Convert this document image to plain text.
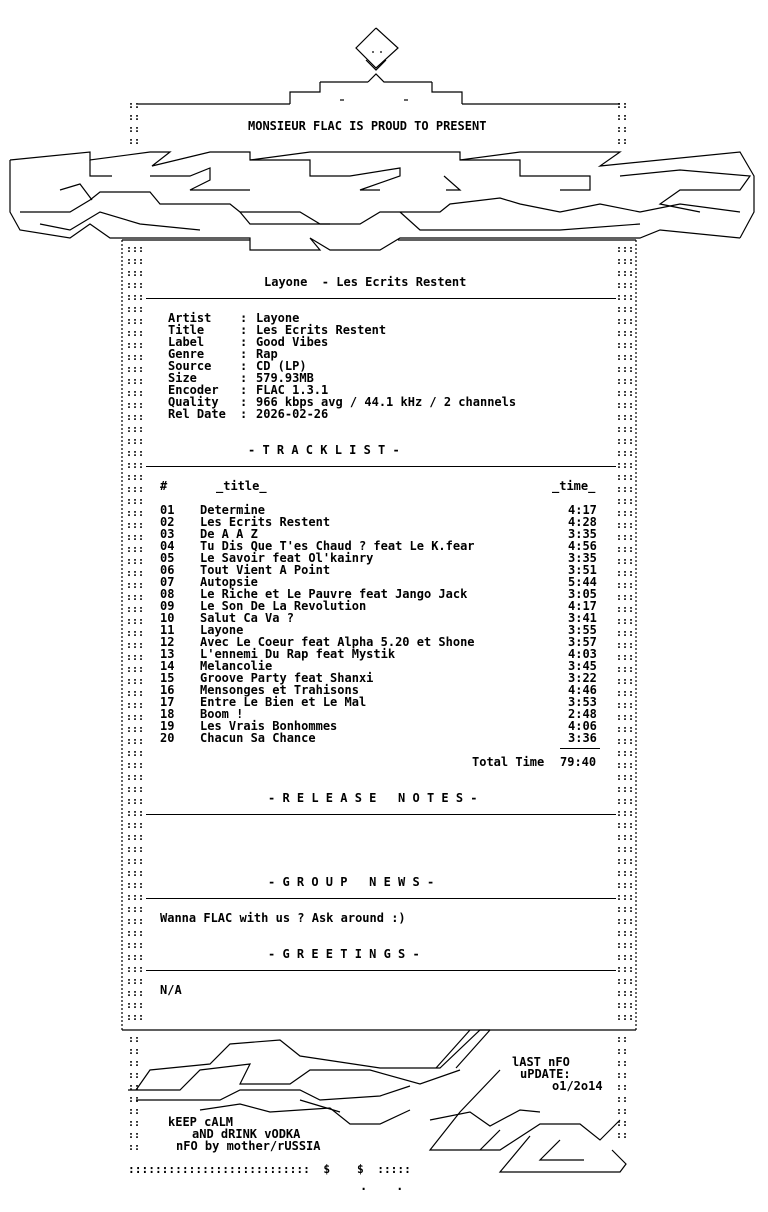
::
::
::
::
::
::
::
::
:::
:::
:::
:::
:::
:::
:::
:::
:::
:::
:::
:::
:::
:::
:::
:::
:::
:::
:::
:::
:::
:::
:::
:::
:::
:::
:::
:::
:::
:::
:::
:::
:::
:::
:::
:::
:::
:::
:::
:::
:::
:::
:::
:::
:::
:::
:::
:::
:::
:::
:::
:::
:::
:::
:::
:::
:::
:::
:::
:::
:::
:::
:::
:::
:::
:::
:::
:::
:::
:::
:::
:::
:::
:::
:::
:::
:::
:::
:::
:::
:::
:::
:::
:::
:::
:::
:::
:::
:::
:::
:::
:::
:::
:::
:::
:::
:::
:::
:::
:::
:::
:::
:::
:::
:::
:::
:::
:::
:::
:::
:::
:::
:::
:::
:::
:::
:::
:::
:::
:::
:::
:::
:::
:::
:::
:::
:::
:::
:::
:::
::
::
::
::
::
::
::
::
::
::
::
::
::
::
::
::
::
::
::
MONSIEUR FLAC IS PROUD TO PRESENT
Layone  - Les Ecrits Restent
Artist : Layone
Title	: Les Ecrits Restent
Label	: Good Vibes
Genre	: Rap
Source : CD (LP)
Size	: 579.93MB
Encoder : FLAC 1.3.1
Quality : 966 kbps avg / 44.1 kHz / 2 channels
Rel Date : 2026-02-26
- T R A C K L I S T -
#	_title_	_time_
01 Determine	4:17
02 Les Ecrits Restent	4:28
03 De A A Z	3:35
04 Tu Dis Que T'es Chaud ? feat Le K.fear	4:56
05 Le Savoir feat Ol'kainry	3:35
06 Tout Vient A Point	3:51
07 Autopsie	5:44
08 Le Riche et Le Pauvre feat Jango Jack	3:05
09 Le Son De La Revolution	4:17
10 Salut Ca Va ?	3:41
11 Layone	3:55
12 Avec Le Coeur feat Alpha 5.20 et Shone	3:57
13 L'ennemi Du Rap feat Mystik	4:03
14 Melancolie	3:45
15 Groove Party feat Shanxi	3:22
16 Mensonges et Trahisons	4:46
17 Entre Le Bien et Le Mal	3:53
18 Boom !	2:48
19 Les Vrais Bonhommes	4:06
20 Chacun Sa Chance	3:36
Total Time 79:40
- R E L E A S E   N O T E S -
- G R O U P   N E W S -
Wanna FLAC with us ? Ask around :)
- G R E E T I N G S -
N/A
lAST nFO
uPDATE:
o1/2o14
kEEP cALM
aND dRINK vODKA
nFO by mother/rUSSIA
:::::::::::::::::::::::::::  $    $  :::::
.    .
